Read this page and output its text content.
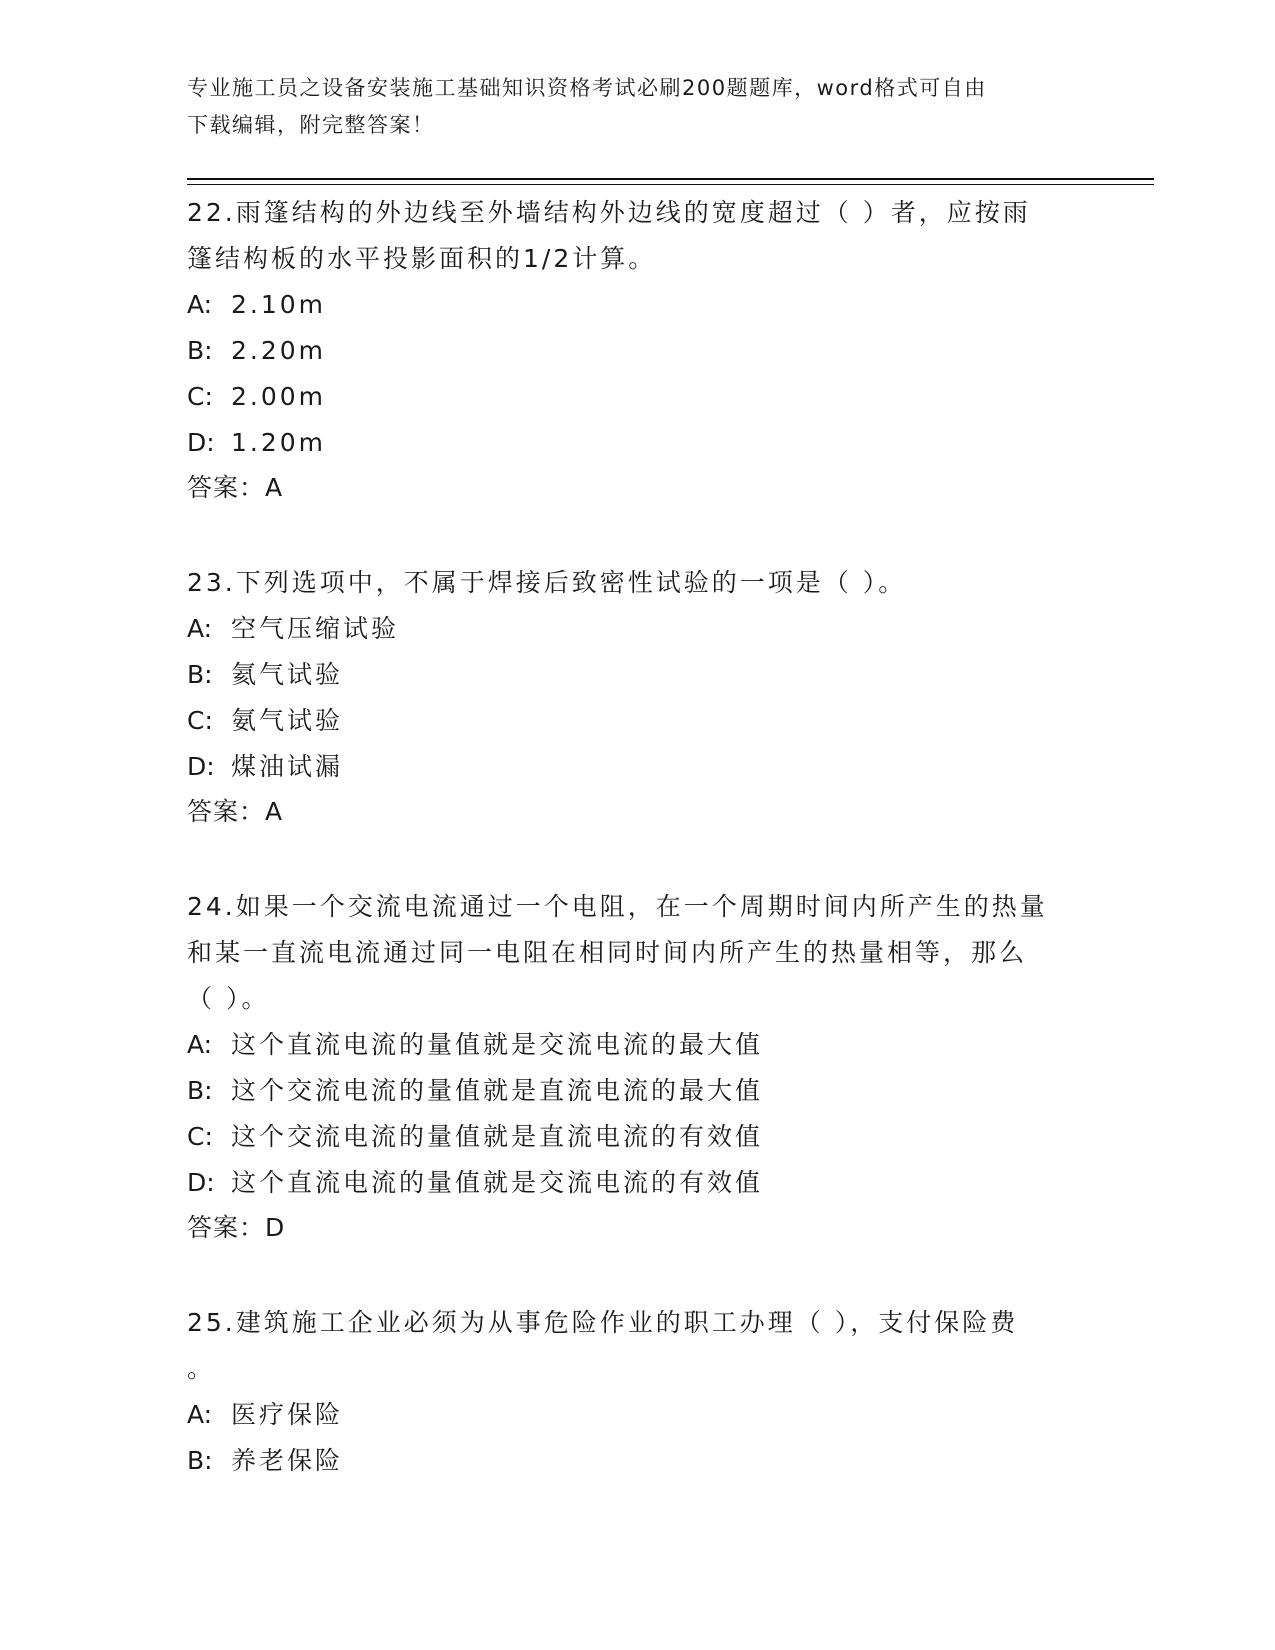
专业施工员之设备安装施工基础知识资格考试必刷200题题库，word格式可自由
下载编辑，附完整答案！

22.雨篷结构的外边线至外墙结构外边线的宽度超过（ ）者，应按雨

篷结构板的水平投影面积的1/2计算。

A: 2.10m

B: 2.20m

C: 2.00m

D: 1.20m

答案：A

23.下列选项中，不属于焊接后致密性试验的一项是（ ）。

A: 空气压缩试验

B: 氦气试验

C: 氨气试验

D: 煤油试漏

答案：A

24.如果一个交流电流通过一个电阻，在一个周期时间内所产生的热量

和某一直流电流通过同一电阻在相同时间内所产生的热量相等，那么

（ ）。

A: 这个直流电流的量值就是交流电流的最大值

B: 这个交流电流的量值就是直流电流的最大值

C: 这个交流电流的量值就是直流电流的有效值

D: 这个直流电流的量值就是交流电流的有效值

答案：D

25.建筑施工企业必须为从事危险作业的职工办理（ ），支付保险费

。

A: 医疗保险

B: 养老保险
